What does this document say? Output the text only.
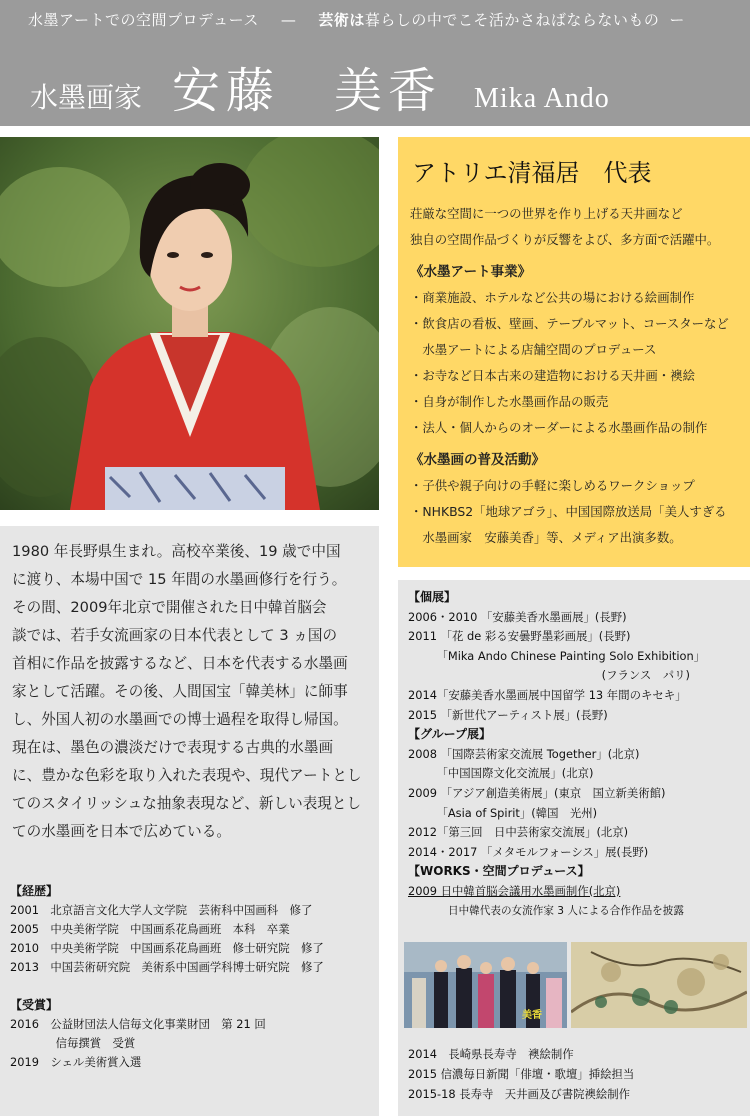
水墨アートでの空間プロデュース — 芸術は暮らしの中でこそ活かさねばならないもの ー
水墨画家 安藤　美香 Mika Ando
アトリエ清福居　代表
荘厳な空間に一つの世界を作り上げる天井画など
独自の空間作品づくりが反響をよび、多方面で活躍中。
《水墨アート事業》
・商業施設、ホテルなど公共の場における絵画制作
・飲食店の看板、壁画、テーブルマット、コースターなど
　水墨アートによる店舗空間のプロデュース
・お寺など日本古来の建造物における天井画・襖絵
・自身が制作した水墨画作品の販売
・法人・個人からのオーダーによる水墨画作品の制作
《水墨画の普及活動》
・子供や親子向けの手軽に楽しめるワークショップ
・NHKBS2「地球アゴラ」、中国国際放送局「美人すぎる
　水墨画家　安藤美香」等、メディア出演多数。
1980 年長野県生まれ。高校卒業後、19 歳で中国
に渡り、本場中国で 15 年間の水墨画修行を行う。
その間、2009年北京で開催された日中韓首脳会
談では、若手女流画家の日本代表として 3 ヵ国の
首相に作品を披露するなど、日本を代表する水墨画
家として活躍。その後、人間国宝「韓美林」に師事
し、外国人初の水墨画での博士過程を取得し帰国。
現在は、墨色の濃淡だけで表現する古典的水墨画
に、豊かな色彩を取り入れた表現や、現代アートとし
てのスタイリッシュな抽象表現など、新しい表現とし
ての水墨画を日本で広めている。
【経歴】
2001　北京語言文化大学人文学院　芸術科中国画科　修了
2005　中央美術学院　中国画系花鳥画班　本科　卒業
2010　中央美術学院　中国画系花鳥画班　修士研究院　修了
2013　中国芸術研究院　美術系中国画学科博士研究院　修了
【受賞】
2016　公益財団法人信毎文化事業財団　第 21 回
　　　　信毎撰賞　受賞
2019　シェル美術賞入選
【個展】
2006・2010 「安藤美香水墨画展」(長野)
2011 「花 de 彩る安曇野墨彩画展」(長野)
　　　「Mika Ando Chinese Painting Solo Exhibition」
　　　　　　　　　　　　　　　　　(フランス　パリ)
2014「安藤美香水墨画展中国留学 13 年間のキセキ」
2015 「新世代アーティスト展」(長野)
【グループ展】
2008 「国際芸術家交流展 Together」(北京)
　　　「中国国際文化交流展」(北京)
2009 「アジア創造美術展」(東京　国立新美術館)
　　　「Asia of Spirit」(韓国　光州)
2012「第三回　日中芸術家交流展」(北京)
2014・2017 「メタモルフォーシス」展(長野)
【WORKS・空間プロデュース】
2009 日中韓首脳会議用水墨画制作(北京)
日中韓代表の女流作家 3 人による合作作品を披露
美香
2014　長崎県長寿寺　襖絵制作
2015 信濃毎日新聞「俳壇・歌壇」挿絵担当
2015-18 長寿寺　天井画及び書院襖絵制作
